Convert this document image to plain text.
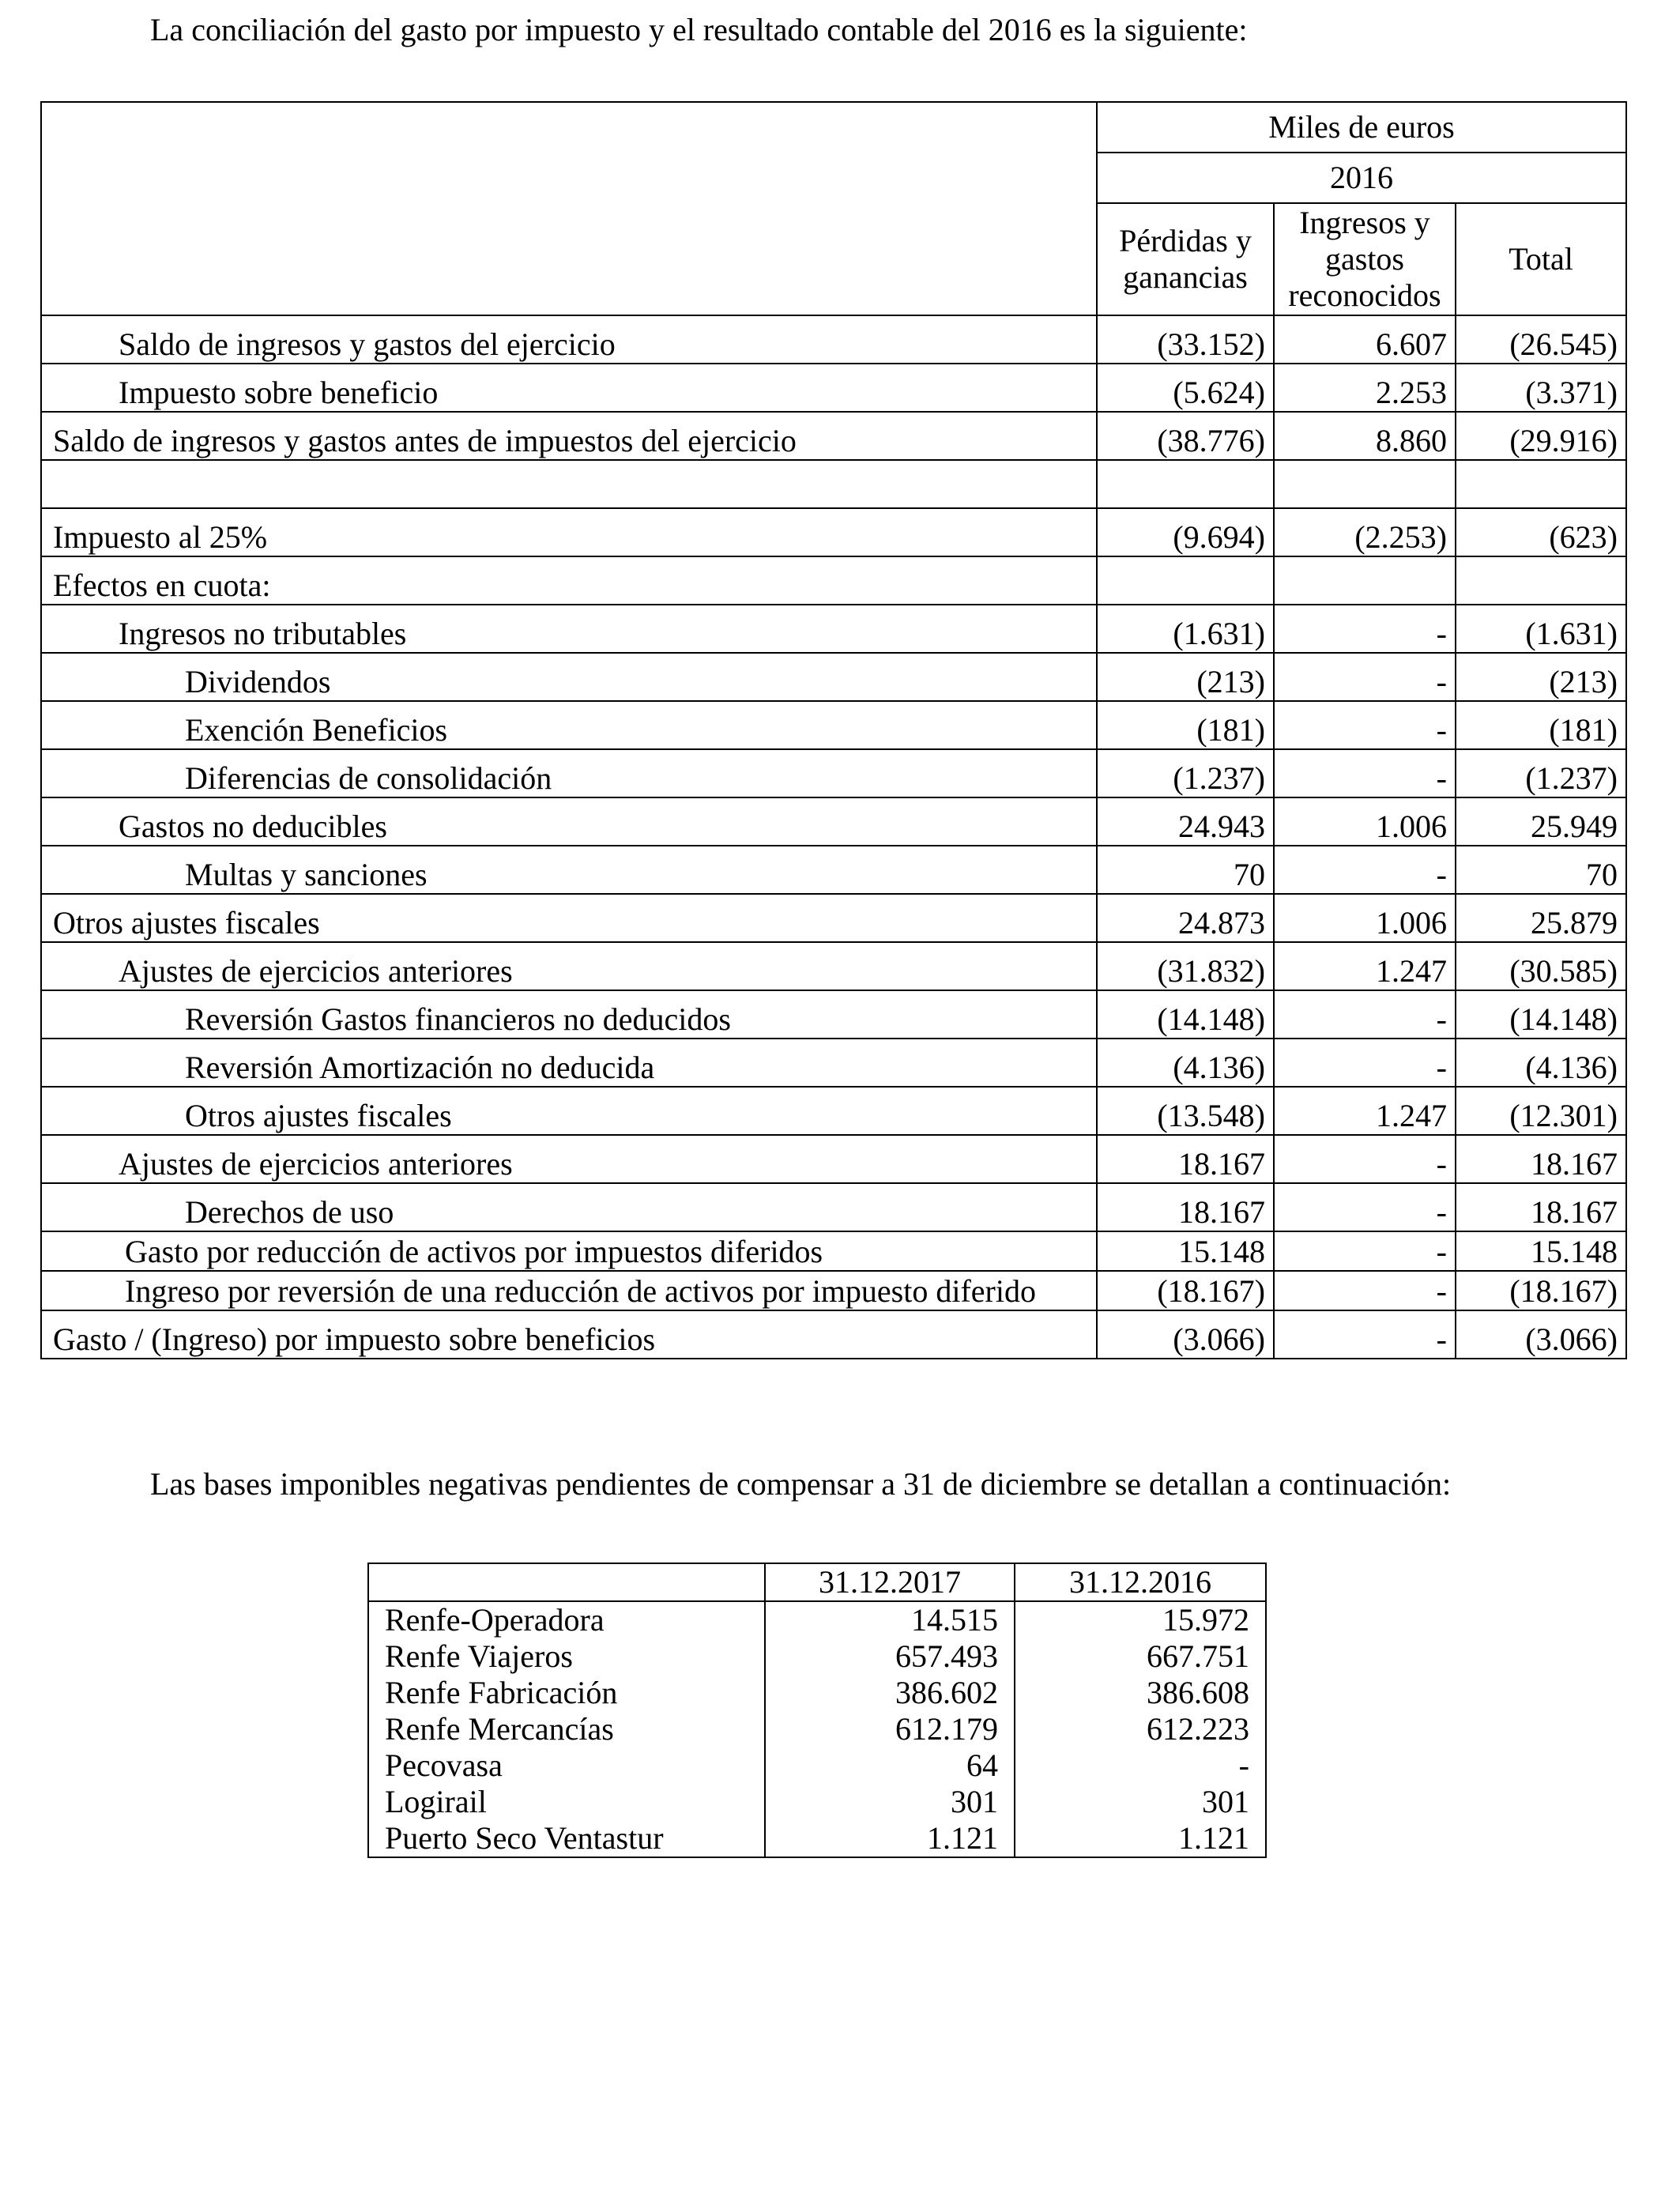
La conciliación del gasto por impuesto y el resultado contable del 2016 es la siguiente:

	Miles de euros		
	2016		
	Pérdidas y ganancias	Ingresos y gastos reconocidos	Total
Saldo de ingresos y gastos del ejercicio	(33.152)	6.607	(26.545)
Impuesto sobre beneficio	(5.624)	2.253	(3.371)
Saldo de ingresos y gastos antes de impuestos del ejercicio	(38.776)	8.860	(29.916)

Impuesto al 25%	(9.694)	(2.253)	(623)
Efectos en cuota:			
Ingresos no tributables	(1.631)	-	(1.631)
Dividendos	(213)	-	(213)
Exención Beneficios	(181)	-	(181)
Diferencias de consolidación	(1.237)	-	(1.237)
Gastos no deducibles	24.943	1.006	25.949
Multas y sanciones	70	-	70
Otros ajustes fiscales	24.873	1.006	25.879
Ajustes de ejercicios anteriores	(31.832)	1.247	(30.585)
Reversión Gastos financieros no deducidos	(14.148)	-	(14.148)
Reversión Amortización no deducida	(4.136)	-	(4.136)
Otros ajustes fiscales	(13.548)	1.247	(12.301)
Ajustes de ejercicios anteriores	18.167	-	18.167
Derechos de uso	18.167	-	18.167
Gasto por reducción de activos por impuestos diferidos	15.148	-	15.148
Ingreso por reversión de una reducción de activos por impuesto diferido	(18.167)	-	(18.167)
Gasto / (Ingreso) por impuesto sobre beneficios	(3.066)	-	(3.066)

Las bases imponibles negativas pendientes de compensar a 31 de diciembre se detallan a continuación:

	31.12.2017	31.12.2016
Renfe-Operadora	14.515	15.972
Renfe Viajeros	657.493	667.751
Renfe Fabricación	386.602	386.608
Renfe Mercancías	612.179	612.223
Pecovasa	64	-
Logirail	301	301
Puerto Seco Ventastur	1.121	1.121
